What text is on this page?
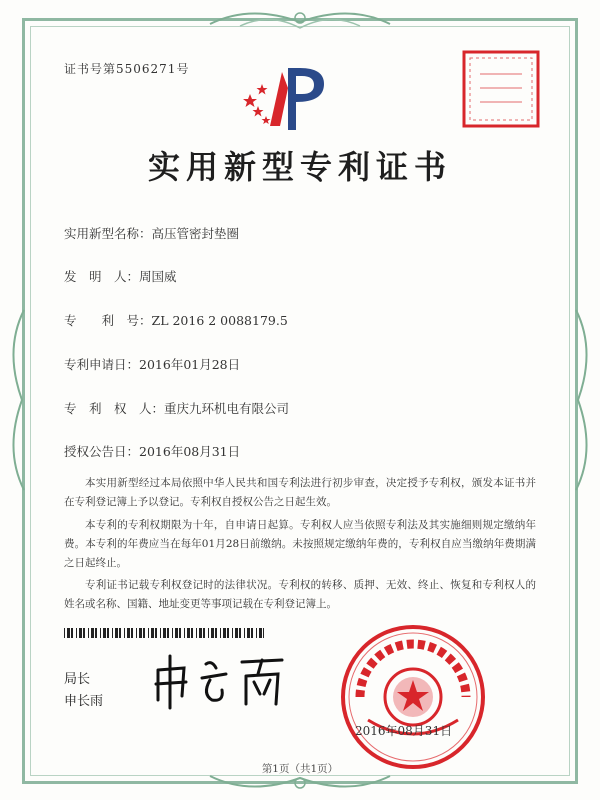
证书号第5506271号
实用新型专利证书
实用新型名称：高压管密封垫圈
发　明　人：周国威
专　　利　号：ZL 2016 2 0088179.5
专利申请日：2016年01月28日
专　利　权　人：重庆九环机电有限公司
授权公告日：2016年08月31日
本实用新型经过本局依照中华人民共和国专利法进行初步审查，决定授予专利权，颁发本证书并在专利登记簿上予以登记。专利权自授权公告之日起生效。
本专利的专利权期限为十年，自申请日起算。专利权人应当依照专利法及其实施细则规定缴纳年费。本专利的年费应当在每年01月28日前缴纳。未按照规定缴纳年费的，专利权自应当缴纳年费期满之日起终止。
专利证书记载专利权登记时的法律状况。专利权的转移、质押、无效、终止、恢复和专利权人的姓名或名称、国籍、地址变更等事项记载在专利登记簿上。
局长
申长雨
2016年08月31日
第1页（共1页）
